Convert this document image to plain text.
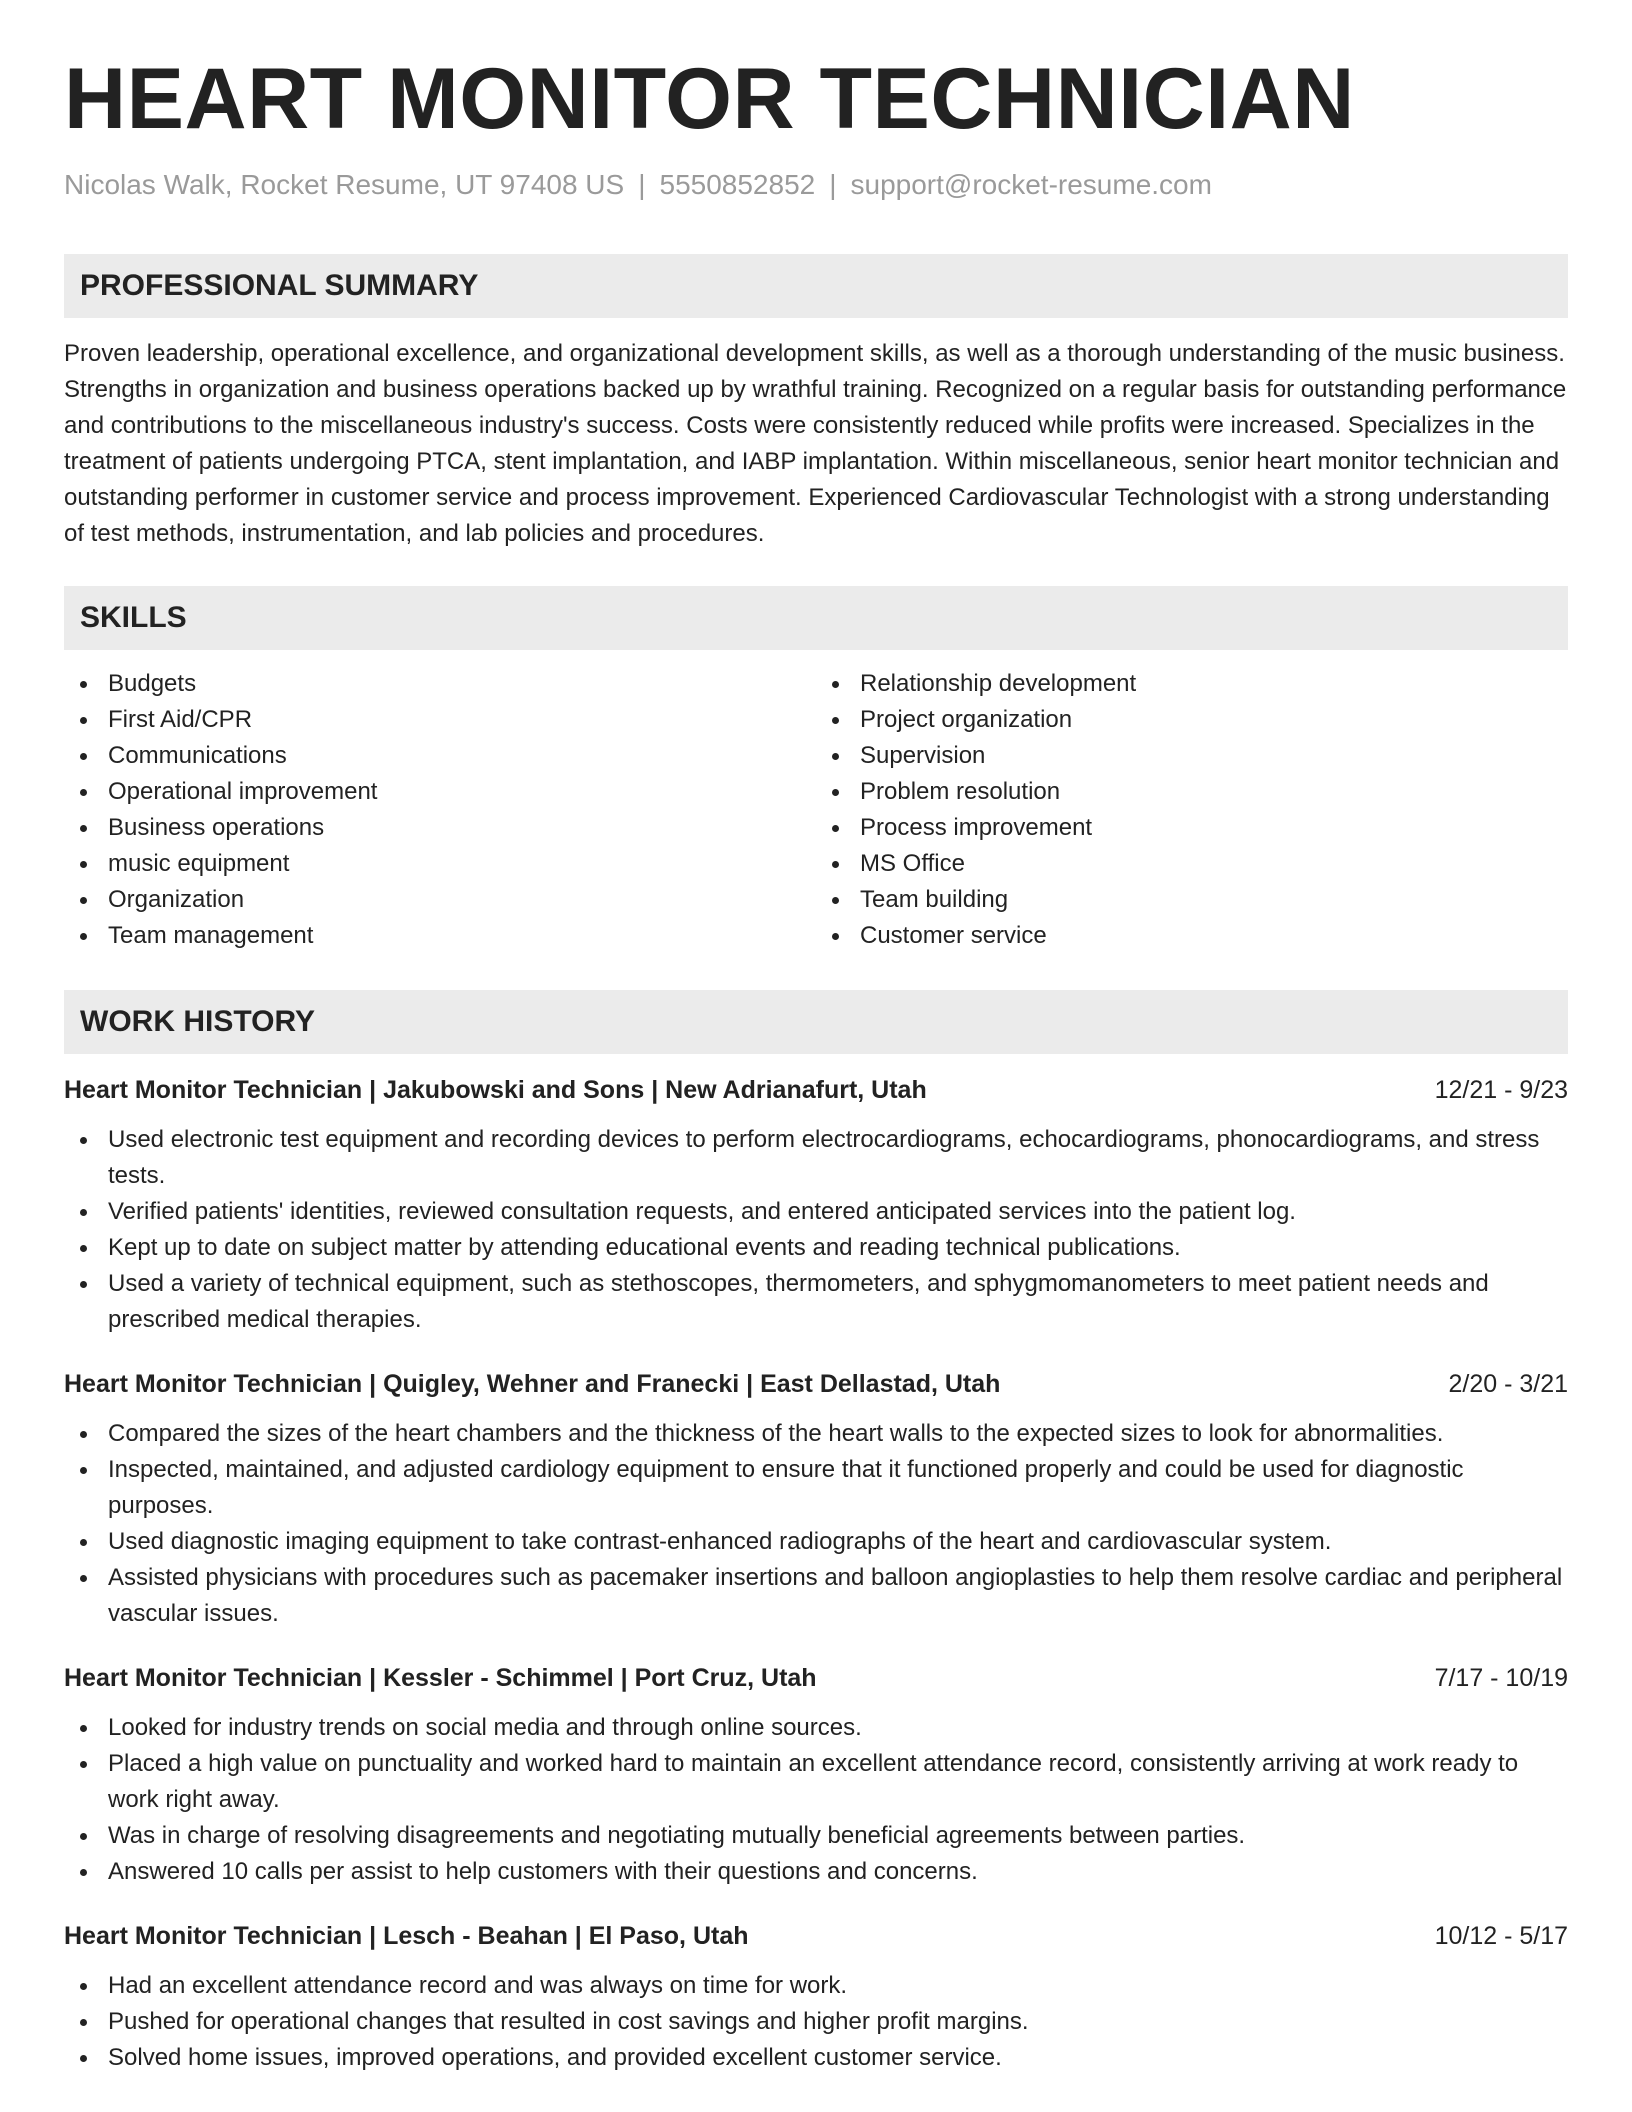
HEART MONITOR TECHNICIAN
Nicolas Walk, Rocket Resume, UT 97408 US | 5550852852 | support@rocket-resume.com
PROFESSIONAL SUMMARY
Proven leadership, operational excellence, and organizational development skills, as well as a thorough understanding of the music business. Strengths in organization and business operations backed up by wrathful training. Recognized on a regular basis for outstanding performance and contributions to the miscellaneous industry's success. Costs were consistently reduced while profits were increased. Specializes in the treatment of patients undergoing PTCA, stent implantation, and IABP implantation. Within miscellaneous, senior heart monitor technician and outstanding performer in customer service and process improvement. Experienced Cardiovascular Technologist with a strong understanding of test methods, instrumentation, and lab policies and procedures.
SKILLS
Budgets
First Aid/CPR
Communications
Operational improvement
Business operations
music equipment
Organization
Team management
Relationship development
Project organization
Supervision
Problem resolution
Process improvement
MS Office
Team building
Customer service
WORK HISTORY
Heart Monitor Technician | Jakubowski and Sons | New Adrianafurt, Utah	12/21 - 9/23
Used electronic test equipment and recording devices to perform electrocardiograms, echocardiograms, phonocardiograms, and stress tests.
Verified patients' identities, reviewed consultation requests, and entered anticipated services into the patient log.
Kept up to date on subject matter by attending educational events and reading technical publications.
Used a variety of technical equipment, such as stethoscopes, thermometers, and sphygmomanometers to meet patient needs and prescribed medical therapies.
Heart Monitor Technician | Quigley, Wehner and Franecki | East Dellastad, Utah	2/20 - 3/21
Compared the sizes of the heart chambers and the thickness of the heart walls to the expected sizes to look for abnormalities.
Inspected, maintained, and adjusted cardiology equipment to ensure that it functioned properly and could be used for diagnostic purposes.
Used diagnostic imaging equipment to take contrast-enhanced radiographs of the heart and cardiovascular system.
Assisted physicians with procedures such as pacemaker insertions and balloon angioplasties to help them resolve cardiac and peripheral vascular issues.
Heart Monitor Technician | Kessler - Schimmel | Port Cruz, Utah	7/17 - 10/19
Looked for industry trends on social media and through online sources.
Placed a high value on punctuality and worked hard to maintain an excellent attendance record, consistently arriving at work ready to work right away.
Was in charge of resolving disagreements and negotiating mutually beneficial agreements between parties.
Answered 10 calls per assist to help customers with their questions and concerns.
Heart Monitor Technician | Lesch - Beahan | El Paso, Utah	10/12 - 5/17
Had an excellent attendance record and was always on time for work.
Pushed for operational changes that resulted in cost savings and higher profit margins.
Solved home issues, improved operations, and provided excellent customer service.
